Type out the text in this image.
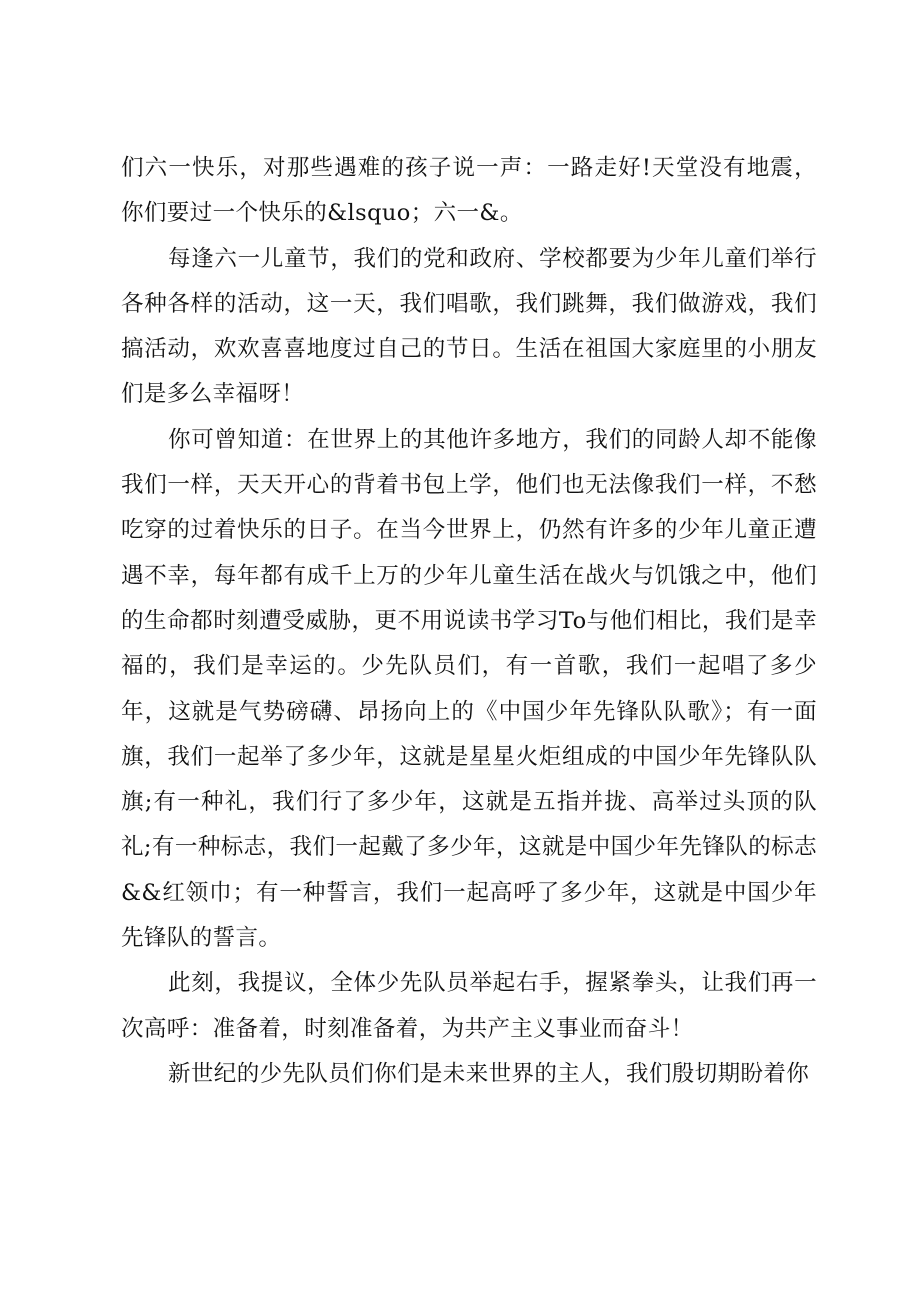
们六一快乐，对那些遇难的孩子说一声：一路走好!天堂没有地震，你们要过一个快乐的&lsquo；六一&。

每逢六一儿童节，我们的党和政府、学校都要为少年儿童们举行各种各样的活动，这一天，我们唱歌，我们跳舞，我们做游戏，我们搞活动，欢欢喜喜地度过自己的节日。生活在祖国大家庭里的小朋友们是多么幸福呀！

你可曾知道：在世界上的其他许多地方，我们的同龄人却不能像我们一样，天天开心的背着书包上学，他们也无法像我们一样，不愁吃穿的过着快乐的日子。在当今世界上，仍然有许多的少年儿童正遭遇不幸，每年都有成千上万的少年儿童生活在战火与饥饿之中，他们的生命都时刻遭受威胁，更不用说读书学习To与他们相比，我们是幸福的，我们是幸运的。少先队员们，有一首歌，我们一起唱了多少年，这就是气势磅礴、昂扬向上的《中国少年先锋队队歌》；有一面旗，我们一起举了多少年，这就是星星火炬组成的中国少年先锋队队旗;有一种礼，我们行了多少年，这就是五指并拢、高举过头顶的队礼;有一种标志，我们一起戴了多少年，这就是中国少年先锋队的标志&&红领巾；有一种誓言，我们一起高呼了多少年，这就是中国少年先锋队的誓言。

此刻，我提议，全体少先队员举起右手，握紧拳头，让我们再一次高呼：准备着，时刻准备着，为共产主义事业而奋斗！

新世纪的少先队员们你们是未来世界的主人，我们殷切期盼着你
